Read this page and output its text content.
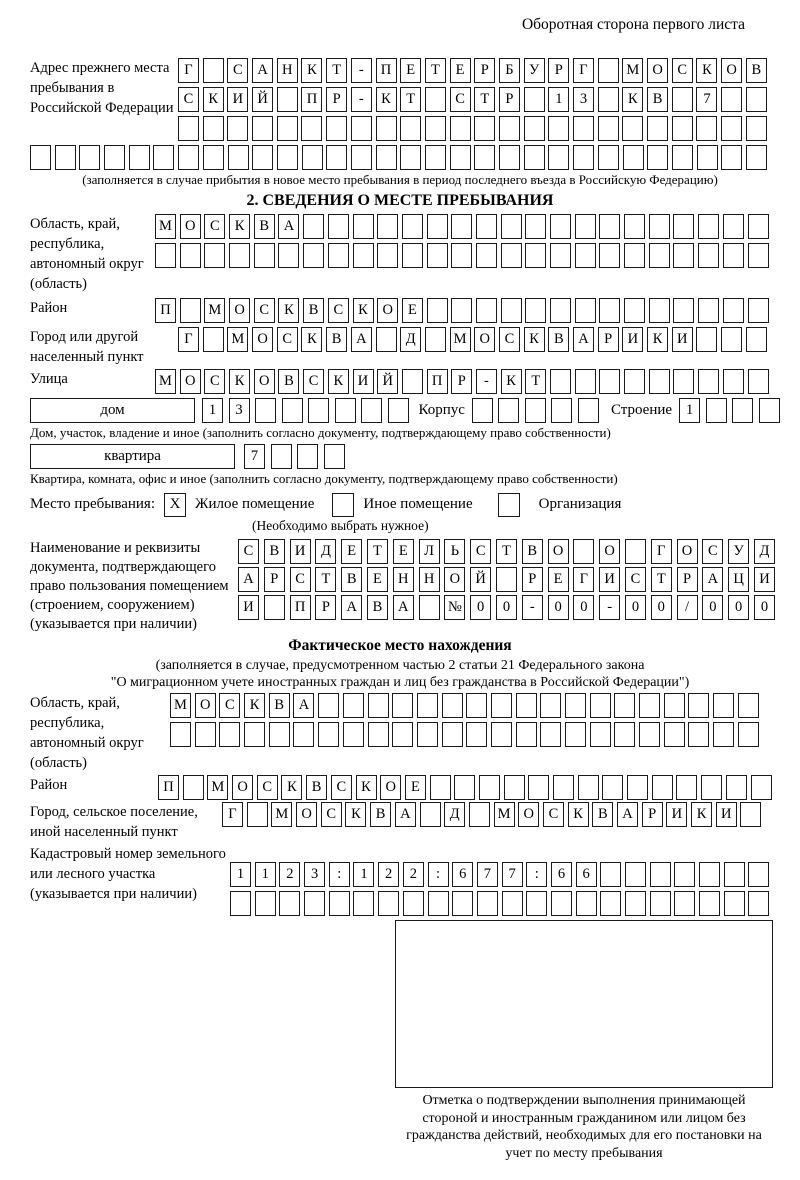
Оборотная сторона первого листа
Адрес прежнего места пребывания в Российской Федерации
Г	С	А Н	К	Т	-	П	Е	Т	Е	Р	Б	У	Р	Г	М О	С	К	О	В
С	К	И Й	П	Р	-	К	Т	С	Т	Р	1	3	К	В	7
(заполняется в случае прибытия в новое место пребывания в период последнего въезда в Российскую Федерацию)
2. СВЕДЕНИЯ О МЕСТЕ ПРЕБЫВАНИЯ
Область, край, республика, автономный округ (область)
М О	С	К	В	А
Район	П	М О	С	К	В	С	К	О	Е
Город или другой населенный пункт
Г	М О	С	К	В	А	Д	М О	С	К	В	А	Р	И	К	И
Улица	М О	С	К	О	В	С	К	И Й	П	Р	-	К	Т
дом	1	3	Корпус	Строение 1
Дом, участок, владение и иное (заполнить согласно документу, подтверждающему право собственности)
квартира	7
Квартира, комната, офис и иное (заполнить согласно документу, подтверждающему право собственности)
Место пребывания: X Жилое помещение	Иное помещение	Организация
(Необходимо выбрать нужное)
Наименование и реквизиты документа, подтверждающего право пользования помещением (строением, сооружением) (указывается при наличии)
С	В	И	Д	Е	Т	Е	Л	Ь	С	Т	В	О	О	Г	О	С	У	Д
А	Р	С	Т	В	Е	Н	Н	О	Й	Р	Е	Г	И	С	Т	Р	А	Ц	И
И	П	Р	А	В	А	№	0	0	-	0	0	-	0	0	/	0	0	0
Фактическое место нахождения
(заполняется в случае, предусмотренном частью 2 статьи 21 Федерального закона
"О миграционном учете иностранных граждан и лиц без гражданства в Российской Федерации")
Область, край, республика, автономный округ (область)
М О	С	К	В	А
Район	П	М О	С	К	В	С	К	О	Е
Город, сельское поселение, иной населенный пункт
Г	М О	С	К	В	А	Д	М О	С	К	В	А	Р	И	К	И
Кадастровый номер земельного или лесного участка (указывается при наличии)
1	1	2	3	:	1	2	2	:	6	7	7	:	6	6
Отметка о подтверждении выполнения принимающей стороной и иностранным гражданином или лицом без гражданства действий, необходимых для его постановки на учет по месту пребывания
